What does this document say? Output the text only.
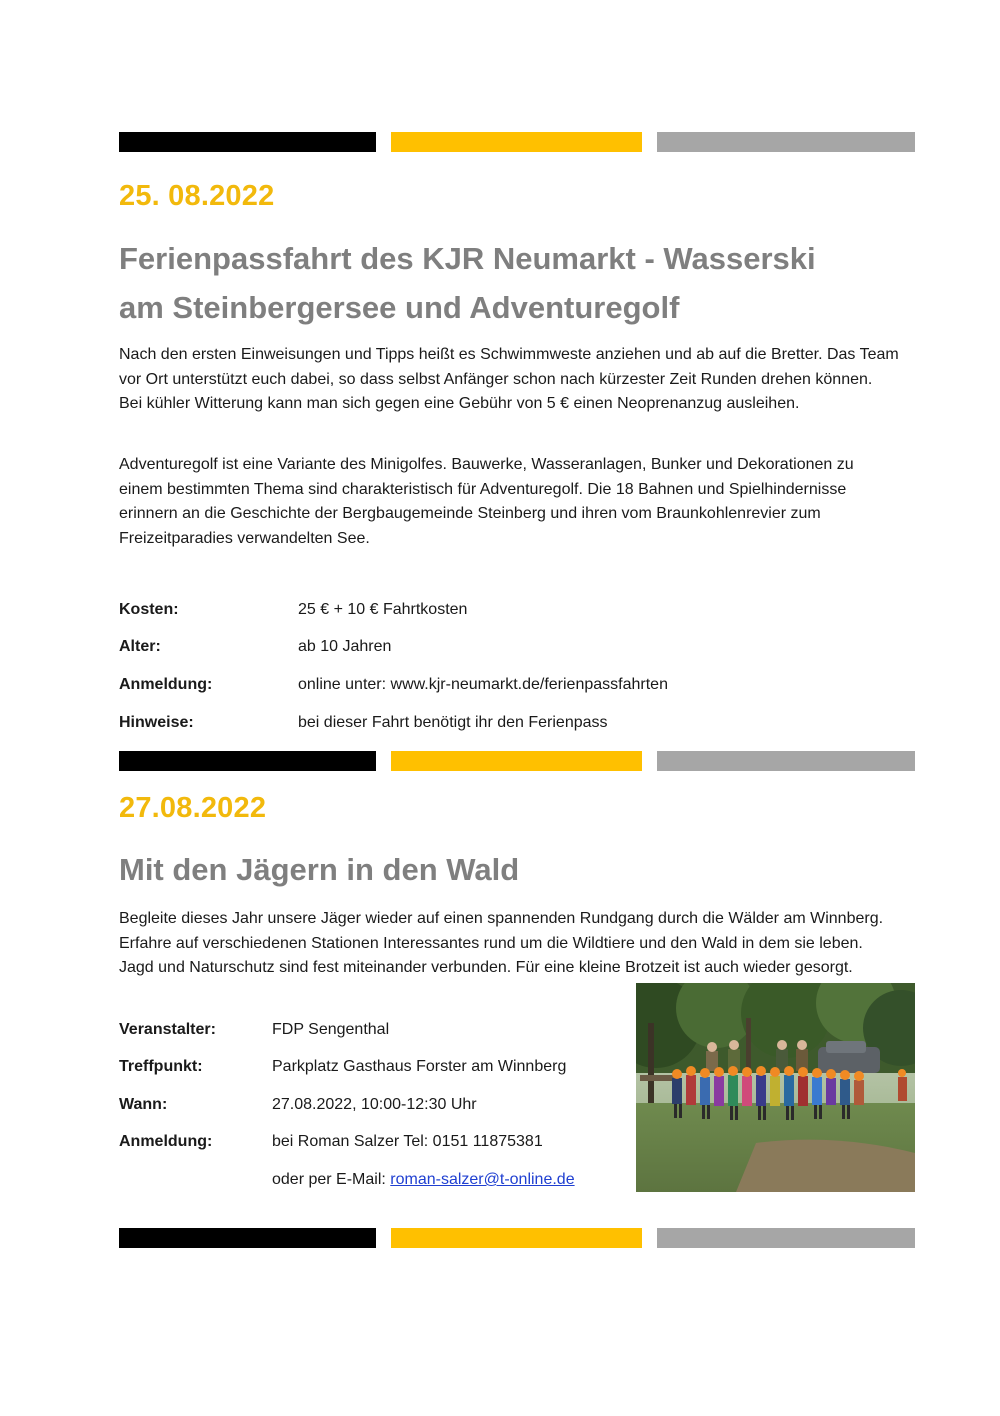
25. 08.2022
Ferienpassfahrt des KJR Neumarkt - Wasserski
am Steinbergersee und Adventuregolf

Nach den ersten Einweisungen und Tipps heißt es Schwimmweste anziehen und ab auf die Bretter. Das Team vor Ort unterstützt euch dabei, so dass selbst Anfänger schon nach kürzester Zeit Runden drehen können. Bei kühler Witterung kann man sich gegen eine Gebühr von 5 € einen Neoprenanzug ausleihen.

Adventuregolf ist eine Variante des Minigolfes. Bauwerke, Wasseranlagen, Bunker und Dekorationen zu einem bestimmten Thema sind charakteristisch für Adventuregolf. Die 18 Bahnen und Spielhindernisse erinnern an die Geschichte der Bergbaugemeinde Steinberg und ihren vom Braunkohlenrevier zum Freizeitparadies verwandelten See.

Kosten:	25 € + 10 € Fahrtkosten
Alter:	ab 10 Jahren
Anmeldung:	online unter: www.kjr-neumarkt.de/ferienpassfahrten
Hinweise:	bei dieser Fahrt benötigt ihr den Ferienpass
27.08.2022
Mit den Jägern in den Wald

Begleite dieses Jahr unsere Jäger wieder auf einen spannenden Rundgang durch die Wälder am Winnberg. Erfahre auf verschiedenen Stationen Interessantes rund um die Wildtiere und den Wald in dem sie leben. Jagd und Naturschutz sind fest miteinander verbunden. Für eine kleine Brotzeit ist auch wieder gesorgt.

Veranstalter:	FDP Sengenthal
Treffpunkt:	Parkplatz Gasthaus Forster am Winnberg
Wann:	27.08.2022, 10:00-12:30 Uhr
Anmeldung:	bei Roman Salzer Tel: 0151 11875381
oder per E-Mail: roman-salzer@t-online.de
